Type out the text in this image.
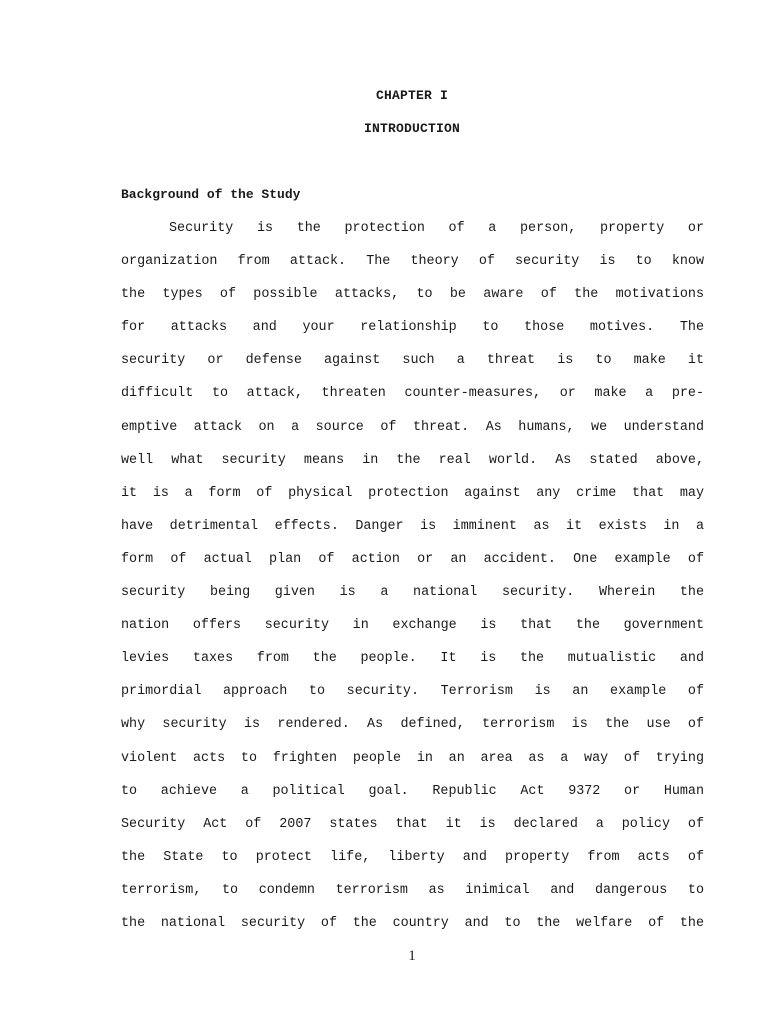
CHAPTER I
INTRODUCTION
Background of the Study
Security is the protection of a person, property or
organization from attack. The theory of security is to know
the types of possible attacks, to be aware of the motivations
for attacks and your relationship to those motives. The
security or defense against such a threat is to make it
difficult to attack, threaten counter-measures, or make a pre-
emptive attack on a source of threat. As humans, we understand
well what security means in the real world. As stated above,
it is a form of physical protection against any crime that may
have detrimental effects. Danger is imminent as it exists in a
form of actual plan of action or an accident. One example of
security being given is a national security. Wherein the
nation offers security in exchange is that the government
levies taxes from the people. It is the mutualistic and
primordial approach to security. Terrorism is an example of
why security is rendered. As defined, terrorism is the use of
violent acts to frighten people in an area as a way of trying
to achieve a political goal. Republic Act 9372 or Human
Security Act of 2007 states that it is declared a policy of
the State to protect life, liberty and property from acts of
terrorism, to condemn terrorism as inimical and dangerous to
the national security of the country and to the welfare of the
1
